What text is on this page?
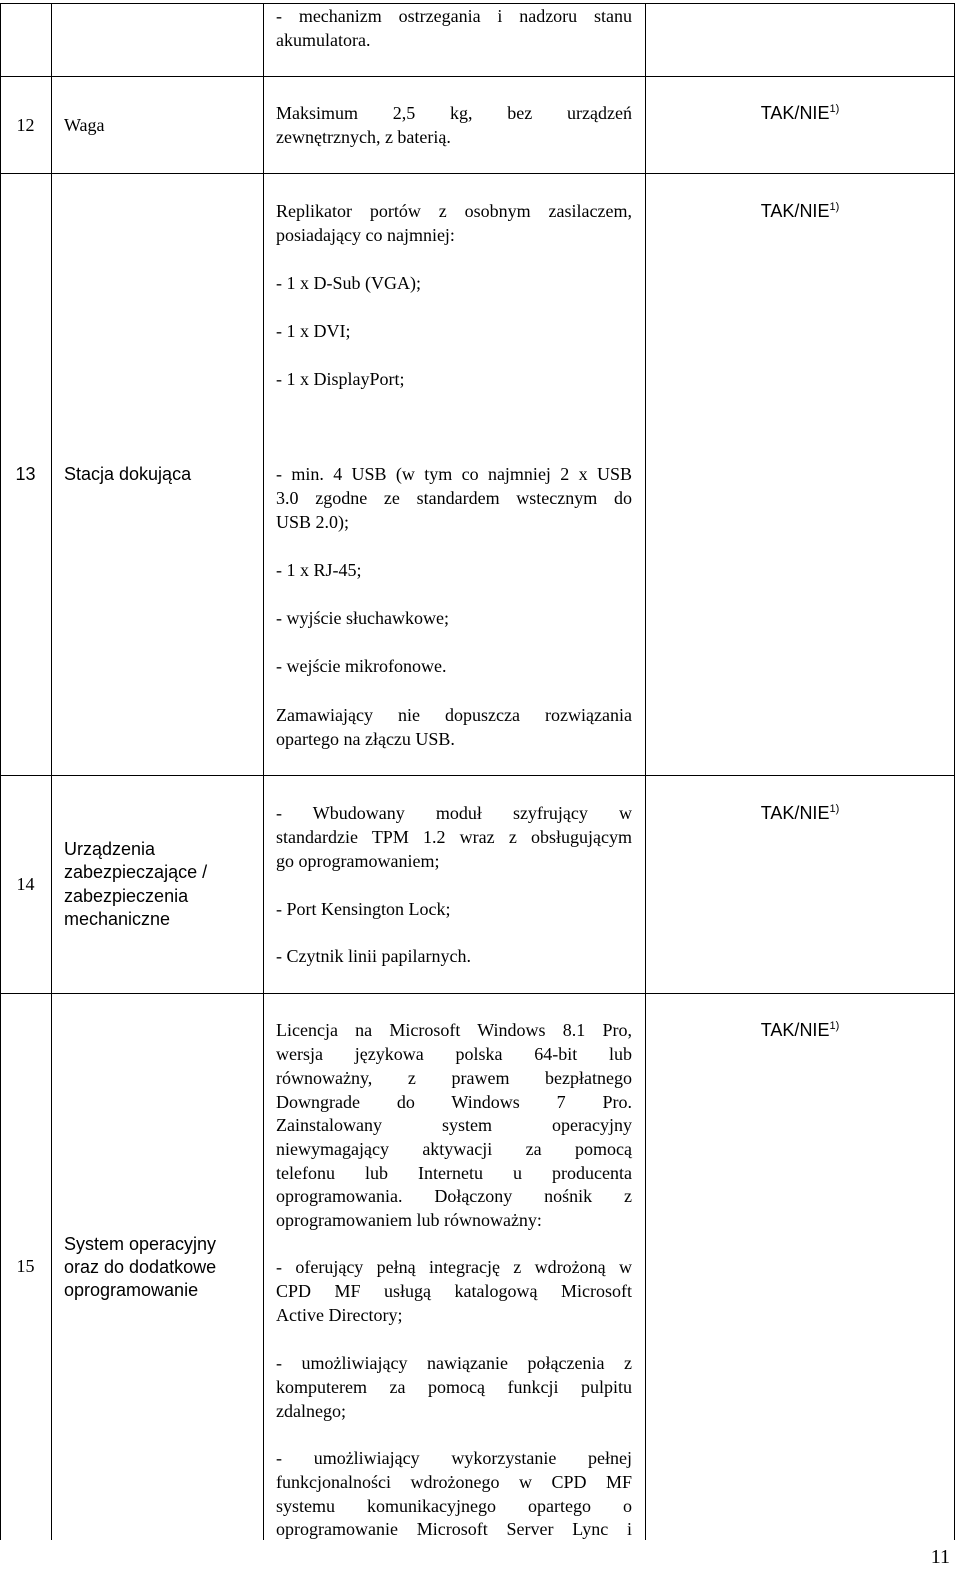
- mechanizm ostrzegania i nadzoru stanu
akumulatora.
12	Waga
Maksimum 2,5 kg, bez urządzeń
zewnętrznych, z baterią.
TAK/NIE$^{1)}$
13	Stacja dokująca
Replikator portów z osobnym zasilaczem,
posiadający co najmniej:
- 1 x D-Sub (VGA);
- 1 x DVI;
- 1 x DisplayPort;
- min. 4 USB (w tym co najmniej 2 x USB
3.0 zgodne ze standardem wstecznym do
USB 2.0);
- 1 x RJ-45;
- wyjście słuchawkowe;
- wejście mikrofonowe.
Zamawiający nie dopuszcza rozwiązania
opartego na złączu USB.
TAK/NIE$^{1)}$
14
Urządzenia
zabezpieczające /
zabezpieczenia
mechaniczne
- Wbudowany moduł szyfrujący w
standardzie TPM 1.2 wraz z obsługującym
go oprogramowaniem;
- Port Kensington Lock;
- Czytnik linii papilarnych.
TAK/NIE$^{1)}$
15
System operacyjny
oraz do dodatkowe
oprogramowanie
Licencja na Microsoft Windows 8.1 Pro,
wersja językowa polska 64-bit lub
równoważny, z prawem bezpłatnego
Downgrade do Windows 7 Pro.
Zainstalowany system operacyjny
niewymagający aktywacji za pomocą
telefonu lub Internetu u producenta
oprogramowania. Dołączony nośnik z
oprogramowaniem lub równoważny:
- oferujący pełną integrację z wdrożoną w
CPD MF usługą katalogową Microsoft
Active Directory;
- umożliwiający nawiązanie połączenia z
komputerem za pomocą funkcji pulpitu
zdalnego;
- umożliwiający wykorzystanie pełnej
funkcjonalności wdrożonego w CPD MF
systemu komunikacyjnego opartego o
oprogramowanie Microsoft Server Lync i
TAK/NIE$^{1)}$
11
